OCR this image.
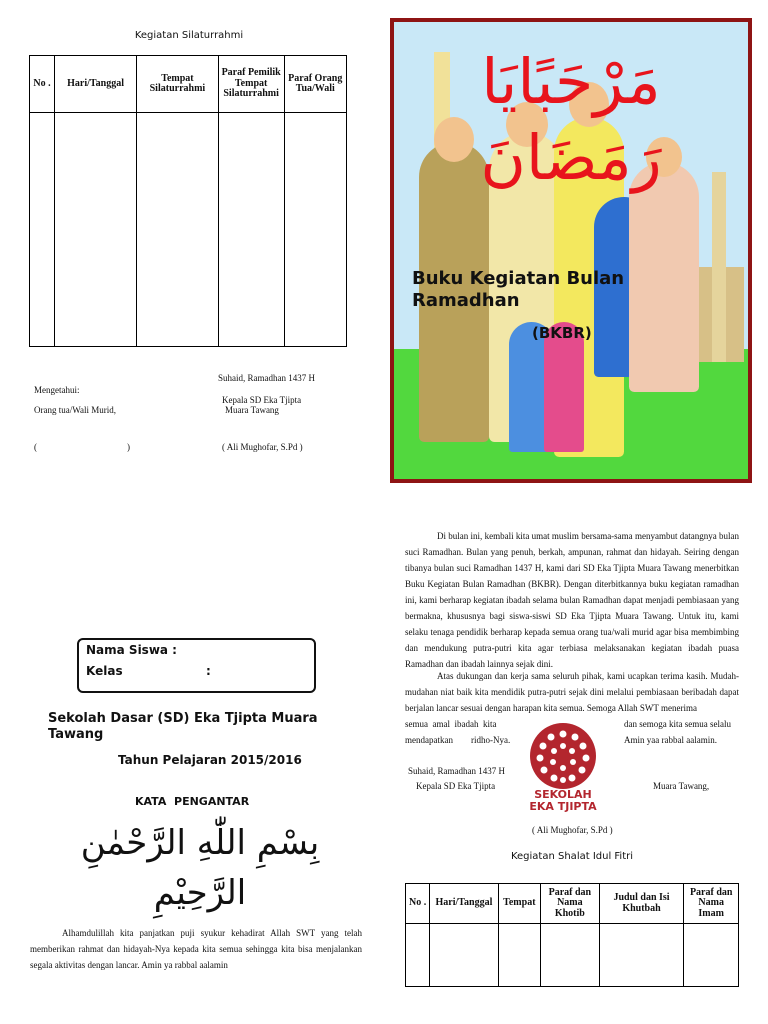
Kegiatan Silaturrahmi
No .	Hari/Tanggal	Tempat Silaturrahmi	Paraf Pemilik Tempat Silaturrahmi	Paraf Orang Tua/Wali

Suhaid, Ramadhan 1437 H
Mengetahui:
Kepala SD Eka Tjipta
Orang tua/Wali Murid,	Muara Tawang
(                                        )	( Ali Mughofar, S.Pd )
مَرْحَبًايَا
رَمَضَانَ
Buku Kegiatan Bulan
Ramadhan
(BKBR)
Nama Siswa :
Kelas	:
Sekolah Dasar (SD) Eka Tjipta Muara Tawang
Tahun Pelajaran 2015/2016
KATA  PENGANTAR
بِسْمِ اللّٰهِ الرَّحْمٰنِ
الرَّحِيْمِ
Alhamdulillah kita panjatkan puji syukur kehadirat Allah SWT yang telah memberikan rahmat dan hidayah-Nya kepada kita semua sehingga kita bisa menjalankan segala aktivitas dengan lancar. Amin ya rabbal aalamin
Di bulan ini, kembali kita umat muslim bersama-sama menyambut datangnya bulan suci Ramadhan. Bulan yang penuh, berkah, ampunan, rahmat dan hidayah. Seiring dengan tibanya bulan suci Ramadhan 1437 H, kami dari SD Eka Tjipta Muara Tawang menerbitkan Buku Kegiatan Bulan Ramadhan (BKBR). Dengan diterbitkannya buku kegiatan ramadhan ini, kami berharap kegiatan ibadah selama bulan Ramadhan dapat menjadi pembiasaan yang bermakna, khususnya bagi siswa-siswi SD Eka Tjipta Muara Tawang. Untuk itu, kami selaku tenaga pendidik berharap kepada semua orang tua/wali murid agar bisa membimbing dan mendukung putra-putri kita agar terbiasa melaksanakan kegiatan ibadah puasa Ramadhan dan ibadah lainnya sejak dini.
Atas dukungan dan kerja sama seluruh pihak, kami ucapkan terima kasih. Mudah-mudahan niat baik kita mendidik putra-putri sejak dini melalui pembiasaan beribadah dapat berjalan lancar sesuai dengan harapan kita semua. Semoga Allah SWT menerima
semua  amal  ibadah  kita	dan semoga kita semua selalu
mendapatkan        ridho-Nya.	Amin yaa rabbal aalamin.
SEKOLAH
EKA TJIPTA
Suhaid, Ramadhan 1437 H
Kepala SD Eka Tjipta	Muara Tawang,
( Ali Mughofar, S.Pd )
Kegiatan Shalat Idul Fitri
No .	Hari/Tanggal	Tempat	Paraf dan Nama Khotib	Judul dan Isi Khutbah	Paraf dan Nama Imam
